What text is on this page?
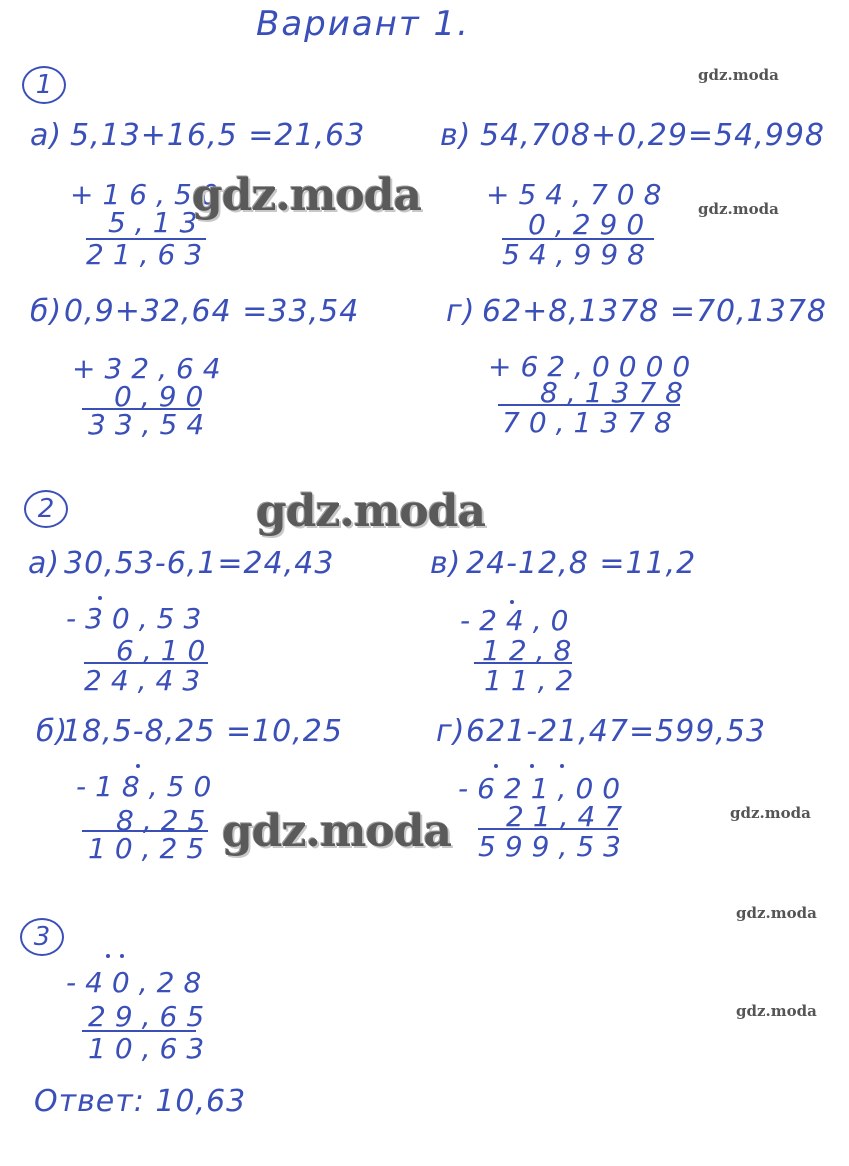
Вариант 1.
1
а) 5,13+16,5 =21,63
+16,50
5,13
21,63
в) 54,708+0,29=54,998
+54,708
0,290
54,998
б) 0,9+32,64 =33,54
+32,64
0,90
33,54
г) 62+8,1378 =70,1378
+62,0000
8,1378
70,1378
2
а) 30,53-6,1=24,43
-30,53
6,10
24,43
в) 24-12,8 =11,2
-24,0
12,8
11,2
б)
18,5-8,25 =10,25
-18,50
8,25
10,25
г) 621-21,47=599,53
-621,00
21,47
599,53
3
-40,28
29,65
10,63
Ответ: 10,63
gdz.moda
gdz.moda	gdz.moda
gdz.moda
gdz.moda
gdz.moda
gdz.moda
gdz.moda
